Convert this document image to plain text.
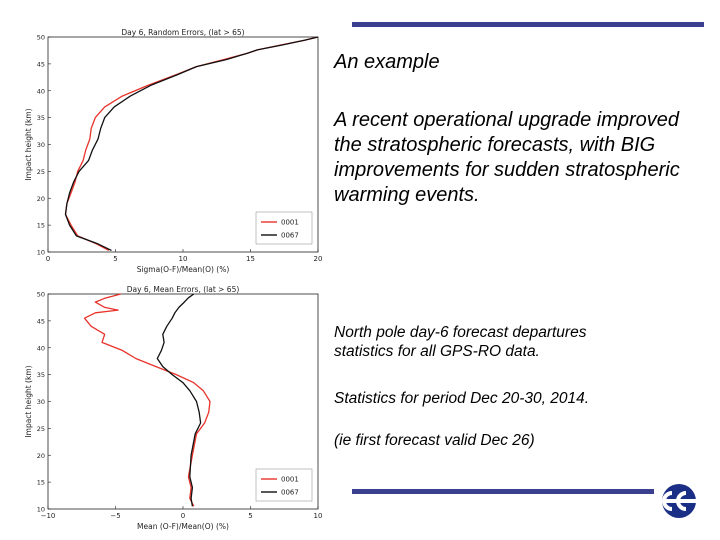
Day 6, Random Errors, (lat > 65)
0	5	10	15	20
10
15
20
25
30
35
40
45
50
Sigma(O-F)/Mean(O) (%)
Impact height (km)
0001
0067
Day 6, Mean Errors, (lat > 65)
−10	−5	0	5	10
10
15
20
25
30
35
40
45
50
Mean (O-F)/Mean(O) (%)
Impact height (km)
0001
0067
An example
A recent operational upgrade improved the stratospheric forecasts, with BIG improvements for sudden stratospheric warming events.
North pole day-6 forecast departures statistics for all GPS-RO data.
Statistics for period Dec 20-30, 2014.
(ie first forecast valid Dec 26)
